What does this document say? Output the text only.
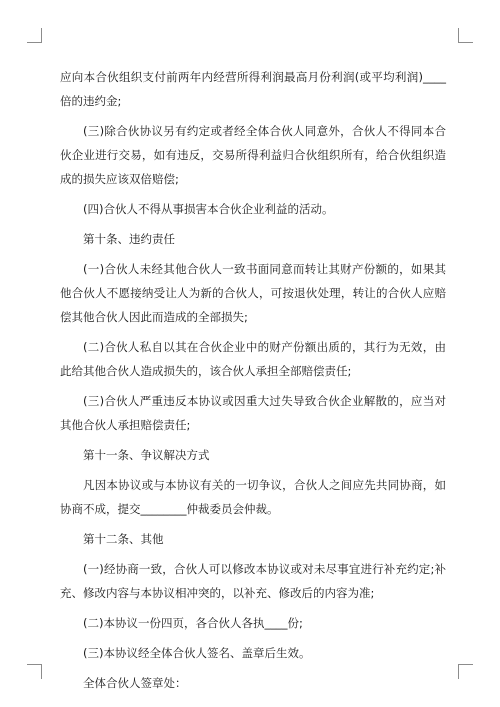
应向本合伙组织支付前两年内经营所得利润最高月份利润(或平均利润)____倍的违约金;

(三)除合伙协议另有约定或者经全体合伙人同意外，合伙人不得同本合伙企业进行交易，如有违反，交易所得利益归合伙组织所有，给合伙组织造成的损失应该双倍赔偿;

(四)合伙人不得从事损害本合伙企业利益的活动。

第十条、违约责任

(一)合伙人未经其他合伙人一致书面同意而转让其财产份额的，如果其他合伙人不愿接纳受让人为新的合伙人，可按退伙处理，转让的合伙人应赔偿其他合伙人因此而造成的全部损失;

(二)合伙人私自以其在合伙企业中的财产份额出质的，其行为无效，由此给其他合伙人造成损失的，该合伙人承担全部赔偿责任;

(三)合伙人严重违反本协议或因重大过失导致合伙企业解散的，应当对其他合伙人承担赔偿责任;

第十一条、争议解决方式

凡因本协议或与本协议有关的一切争议，合伙人之间应先共同协商，如协商不成，提交________仲裁委员会仲裁。

第十二条、其他

(一)经协商一致，合伙人可以修改本协议或对未尽事宜进行补充约定;补充、修改内容与本协议相冲突的，以补充、修改后的内容为准;

(二)本协议一份四页，各合伙人各执____份;

(三)本协议经全体合伙人签名、盖章后生效。

全体合伙人签章处：
